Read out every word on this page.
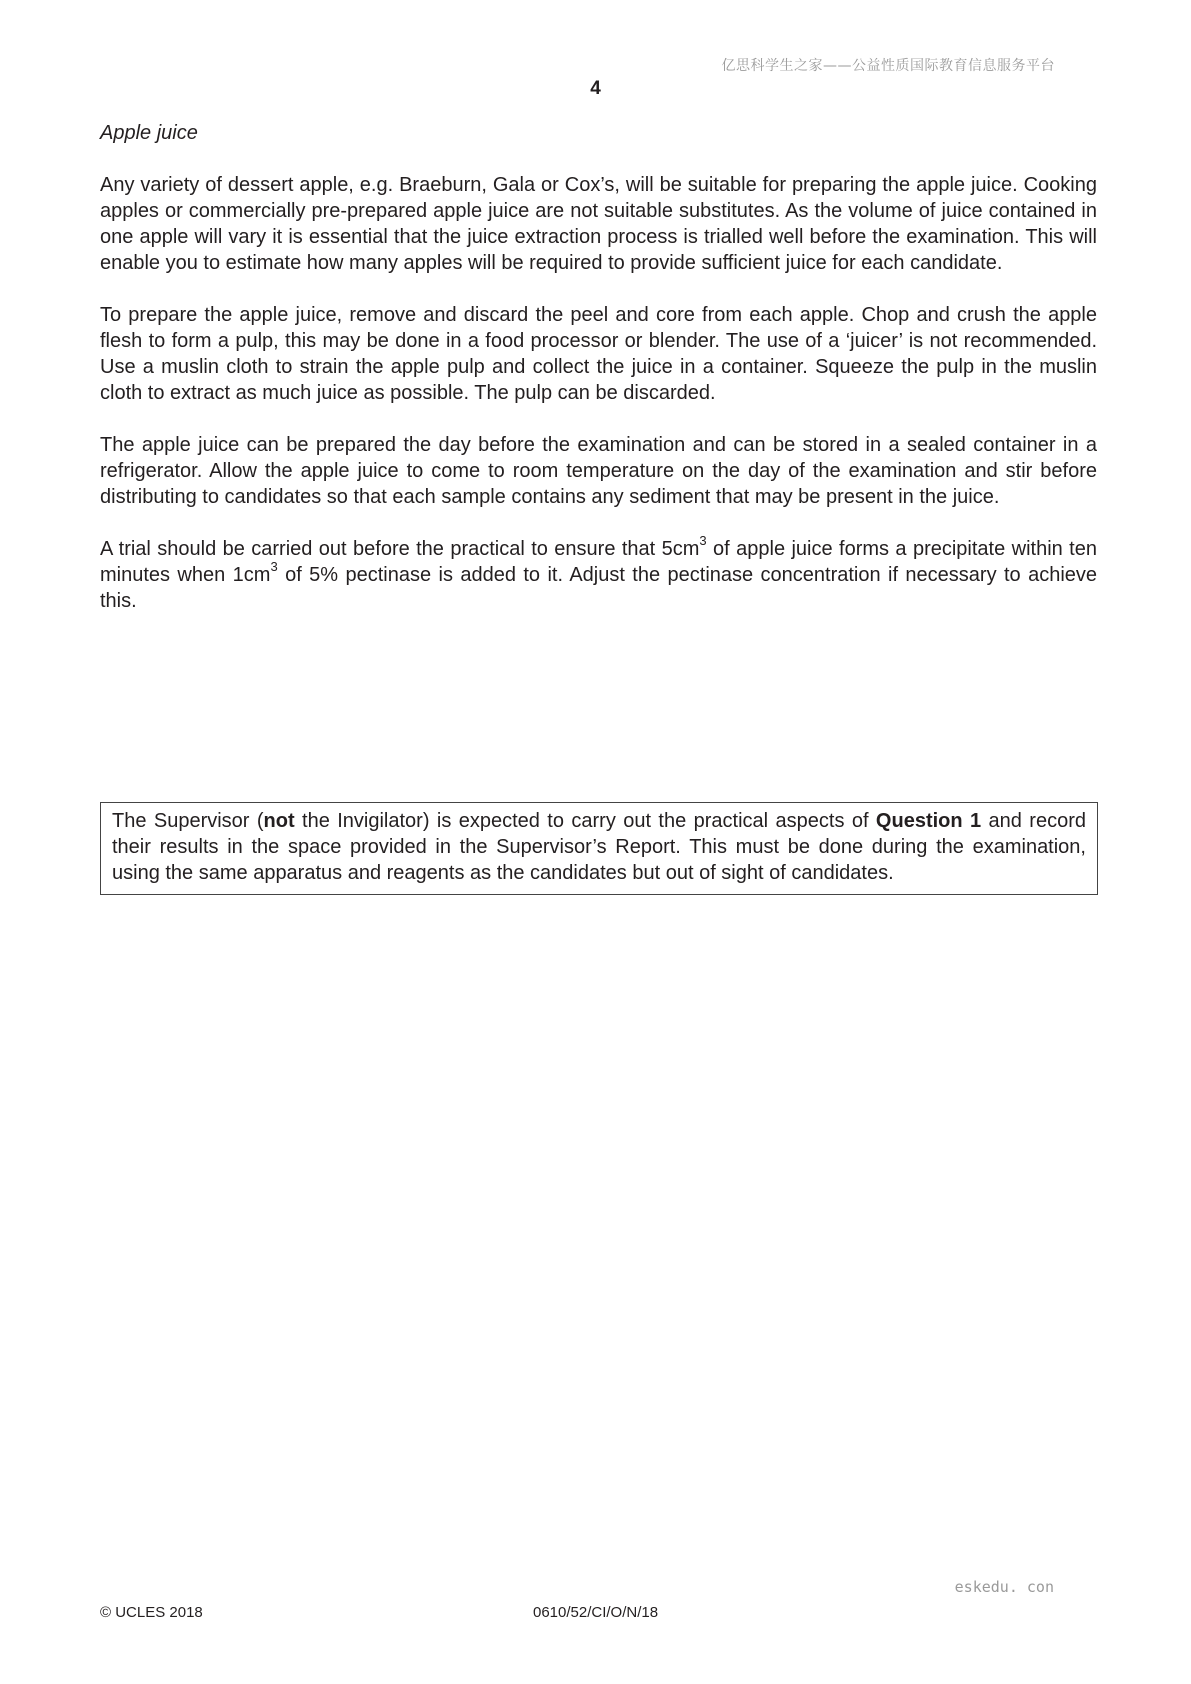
亿思科学生之家——公益性质国际教育信息服务平台
4

Apple juice

Any variety of dessert apple, e.g. Braeburn, Gala or Cox’s, will be suitable for preparing the apple juice. Cooking apples or commercially pre-prepared apple juice are not suitable substitutes. As the volume of juice contained in one apple will vary it is essential that the juice extraction process is trialled well before the examination. This will enable you to estimate how many apples will be required to provide sufficient juice for each candidate.

To prepare the apple juice, remove and discard the peel and core from each apple. Chop and crush the apple flesh to form a pulp, this may be done in a food processor or blender. The use of a ‘juicer’ is not recommended. Use a muslin cloth to strain the apple pulp and collect the juice in a container. Squeeze the pulp in the muslin cloth to extract as much juice as possible. The pulp can be discarded.

The apple juice can be prepared the day before the examination and can be stored in a sealed container in a refrigerator. Allow the apple juice to come to room temperature on the day of the examination and stir before distributing to candidates so that each sample contains any sediment that may be present in the juice.

A trial should be carried out before the practical to ensure that $5cm^3$ of apple juice forms a precipitate within ten minutes when $1cm^3$ of 5% pectinase is added to it. Adjust the pectinase concentration if necessary to achieve this.

The Supervisor (not the Invigilator) is expected to carry out the practical aspects of Question 1 and record their results in the space provided in the Supervisor’s Report. This must be done during the examination, using the same apparatus and reagents as the candidates but out of sight of candidates.
eskedu. con
© UCLES 2018	0610/52/CI/O/N/18
